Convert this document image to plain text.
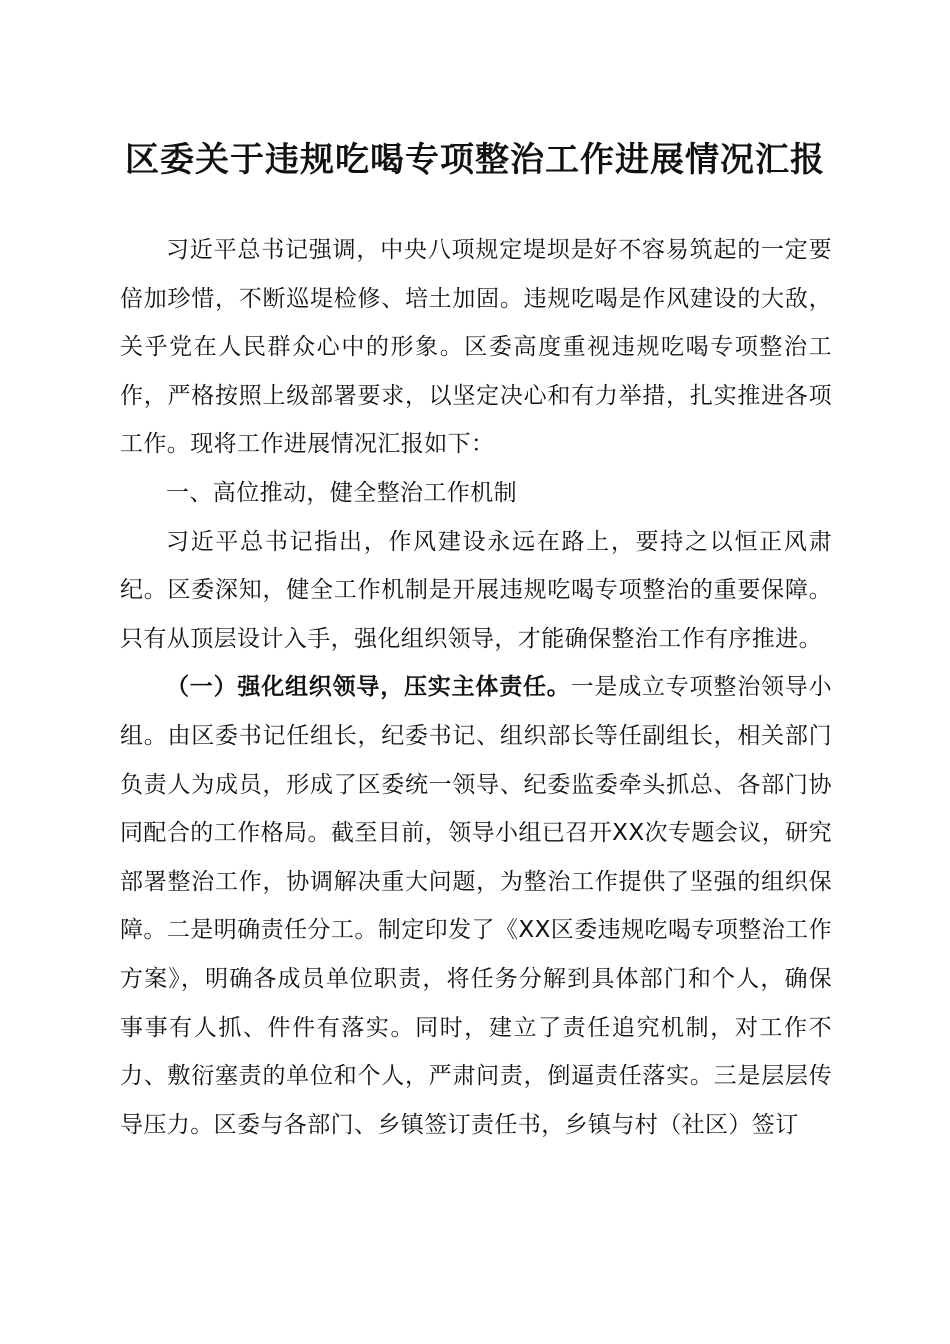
区委关于违规吃喝专项整治工作进展情况汇报

习近平总书记强调，中央八项规定堤坝是好不容易筑起的一定要倍加珍惜，不断巡堤检修、培土加固。违规吃喝是作风建设的大敌，关乎党在人民群众心中的形象。区委高度重视违规吃喝专项整治工作，严格按照上级部署要求，以坚定决心和有力举措，扎实推进各项工作。现将工作进展情况汇报如下：

一、高位推动，健全整治工作机制

习近平总书记指出，作风建设永远在路上，要持之以恒正风肃纪。区委深知，健全工作机制是开展违规吃喝专项整治的重要保障。只有从顶层设计入手，强化组织领导，才能确保整治工作有序推进。

（一）强化组织领导，压实主体责任。一是成立专项整治领导小组。由区委书记任组长，纪委书记、组织部长等任副组长，相关部门负责人为成员，形成了区委统一领导、纪委监委牵头抓总、各部门协同配合的工作格局。截至目前，领导小组已召开XX次专题会议，研究部署整治工作，协调解决重大问题，为整治工作提供了坚强的组织保障。二是明确责任分工。制定印发了《XX区委违规吃喝专项整治工作方案》，明确各成员单位职责，将任务分解到具体部门和个人，确保事事有人抓、件件有落实。同时，建立了责任追究机制，对工作不力、敷衍塞责的单位和个人，严肃问责，倒逼责任落实。三是层层传导压力。区委与各部门、乡镇签订责任书，乡镇与村（社区）签订
